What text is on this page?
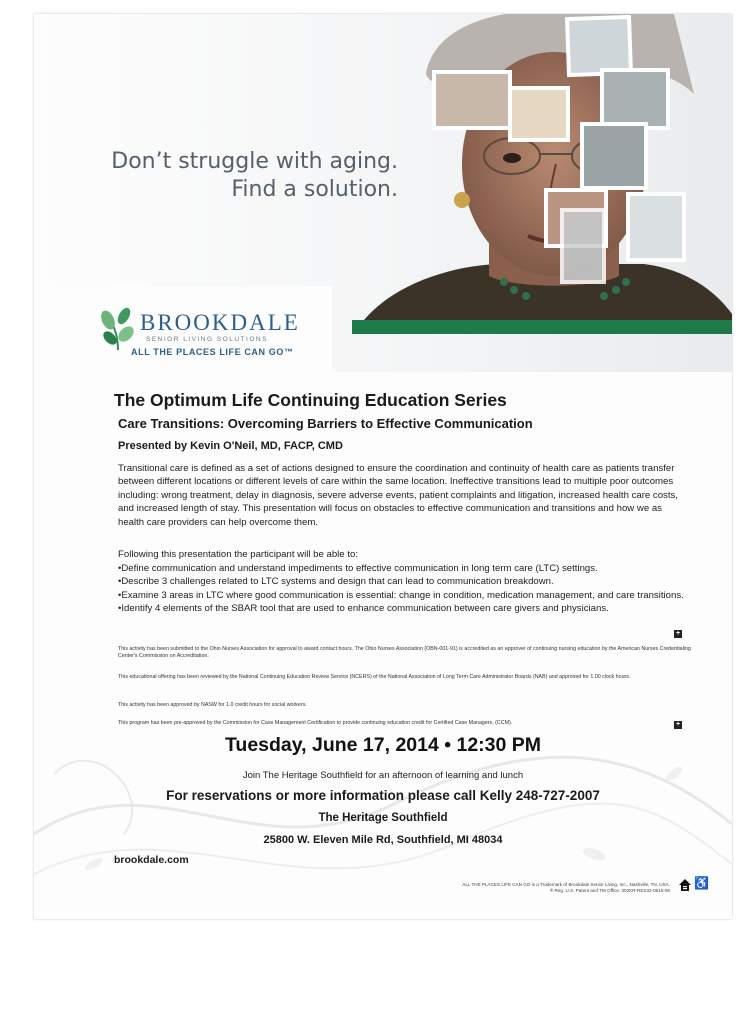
Don’t struggle with aging.
Find a solution.
BROOKDALE
SENIOR LIVING SOLUTIONS
ALL THE PLACES LIFE CAN GO™
The Optimum Life Continuing Education Series
Care Transitions: Overcoming Barriers to Effective Communication
Presented by Kevin O'Neil, MD, FACP, CMD
Transitional care is defined as a set of actions designed to ensure the coordination and continuity of health care as patients transfer between different locations or different levels of care within the same location. Ineffective transitions lead to multiple poor outcomes including: wrong treatment, delay in diagnosis, severe adverse events, patient complaints and litigation, increased health care costs, and increased length of stay. This presentation will focus on obstacles to effective communication and transitions and how we as health care providers can help overcome them.
Following this presentation the participant will be able to:
• Define communication and understand impediments to effective communication in long term care (LTC) settings.
• Describe 3 challenges related to LTC systems and design that can lead to communication breakdown.
• Examine 3 areas in LTC where good communication is essential: change in condition, medication management, and care transitions.
• Identify 4 elements of the SBAR tool that are used to enhance communication between care givers and physicians.
+
This activity has been submitted to the Ohio Nurses Association for approval to award contact hours. The Ohio Nurses Association (OBN-001-91) is accredited as an approver of continuing nursing education by the American Nurses Credentialing Center's Commission on Accreditation.
This educational offering has been reviewed by the National Continuing Education Review Service (NCERS) of the National Association of Long Term Care Administrator Boards (NAB) and approved for 1.00 clock hours.
This activity has been approved by NASW for 1.0 credit hours for social workers.
This program has been pre-approved by the Commission for Case Management Certification to provide continuing education credit for Certified Case Managers, (CCM).	+
Tuesday, June 17, 2014 • 12:30 PM
Join The Heritage Southfield for an afternoon of learning and lunch
For reservations or more information please call Kelly 248-727-2007
The Heritage Southfield
25800 W. Eleven Mile Rd, Southfield, MI 48034
brookdale.com
ALL THE PLACES LIFE CAN GO is a Trademark of Brookdale Senior Living, Inc., Nashville, TN, USA.
® Reg. U.S. Patent and TM Office. 302KR-RES32-0615-08
♿
